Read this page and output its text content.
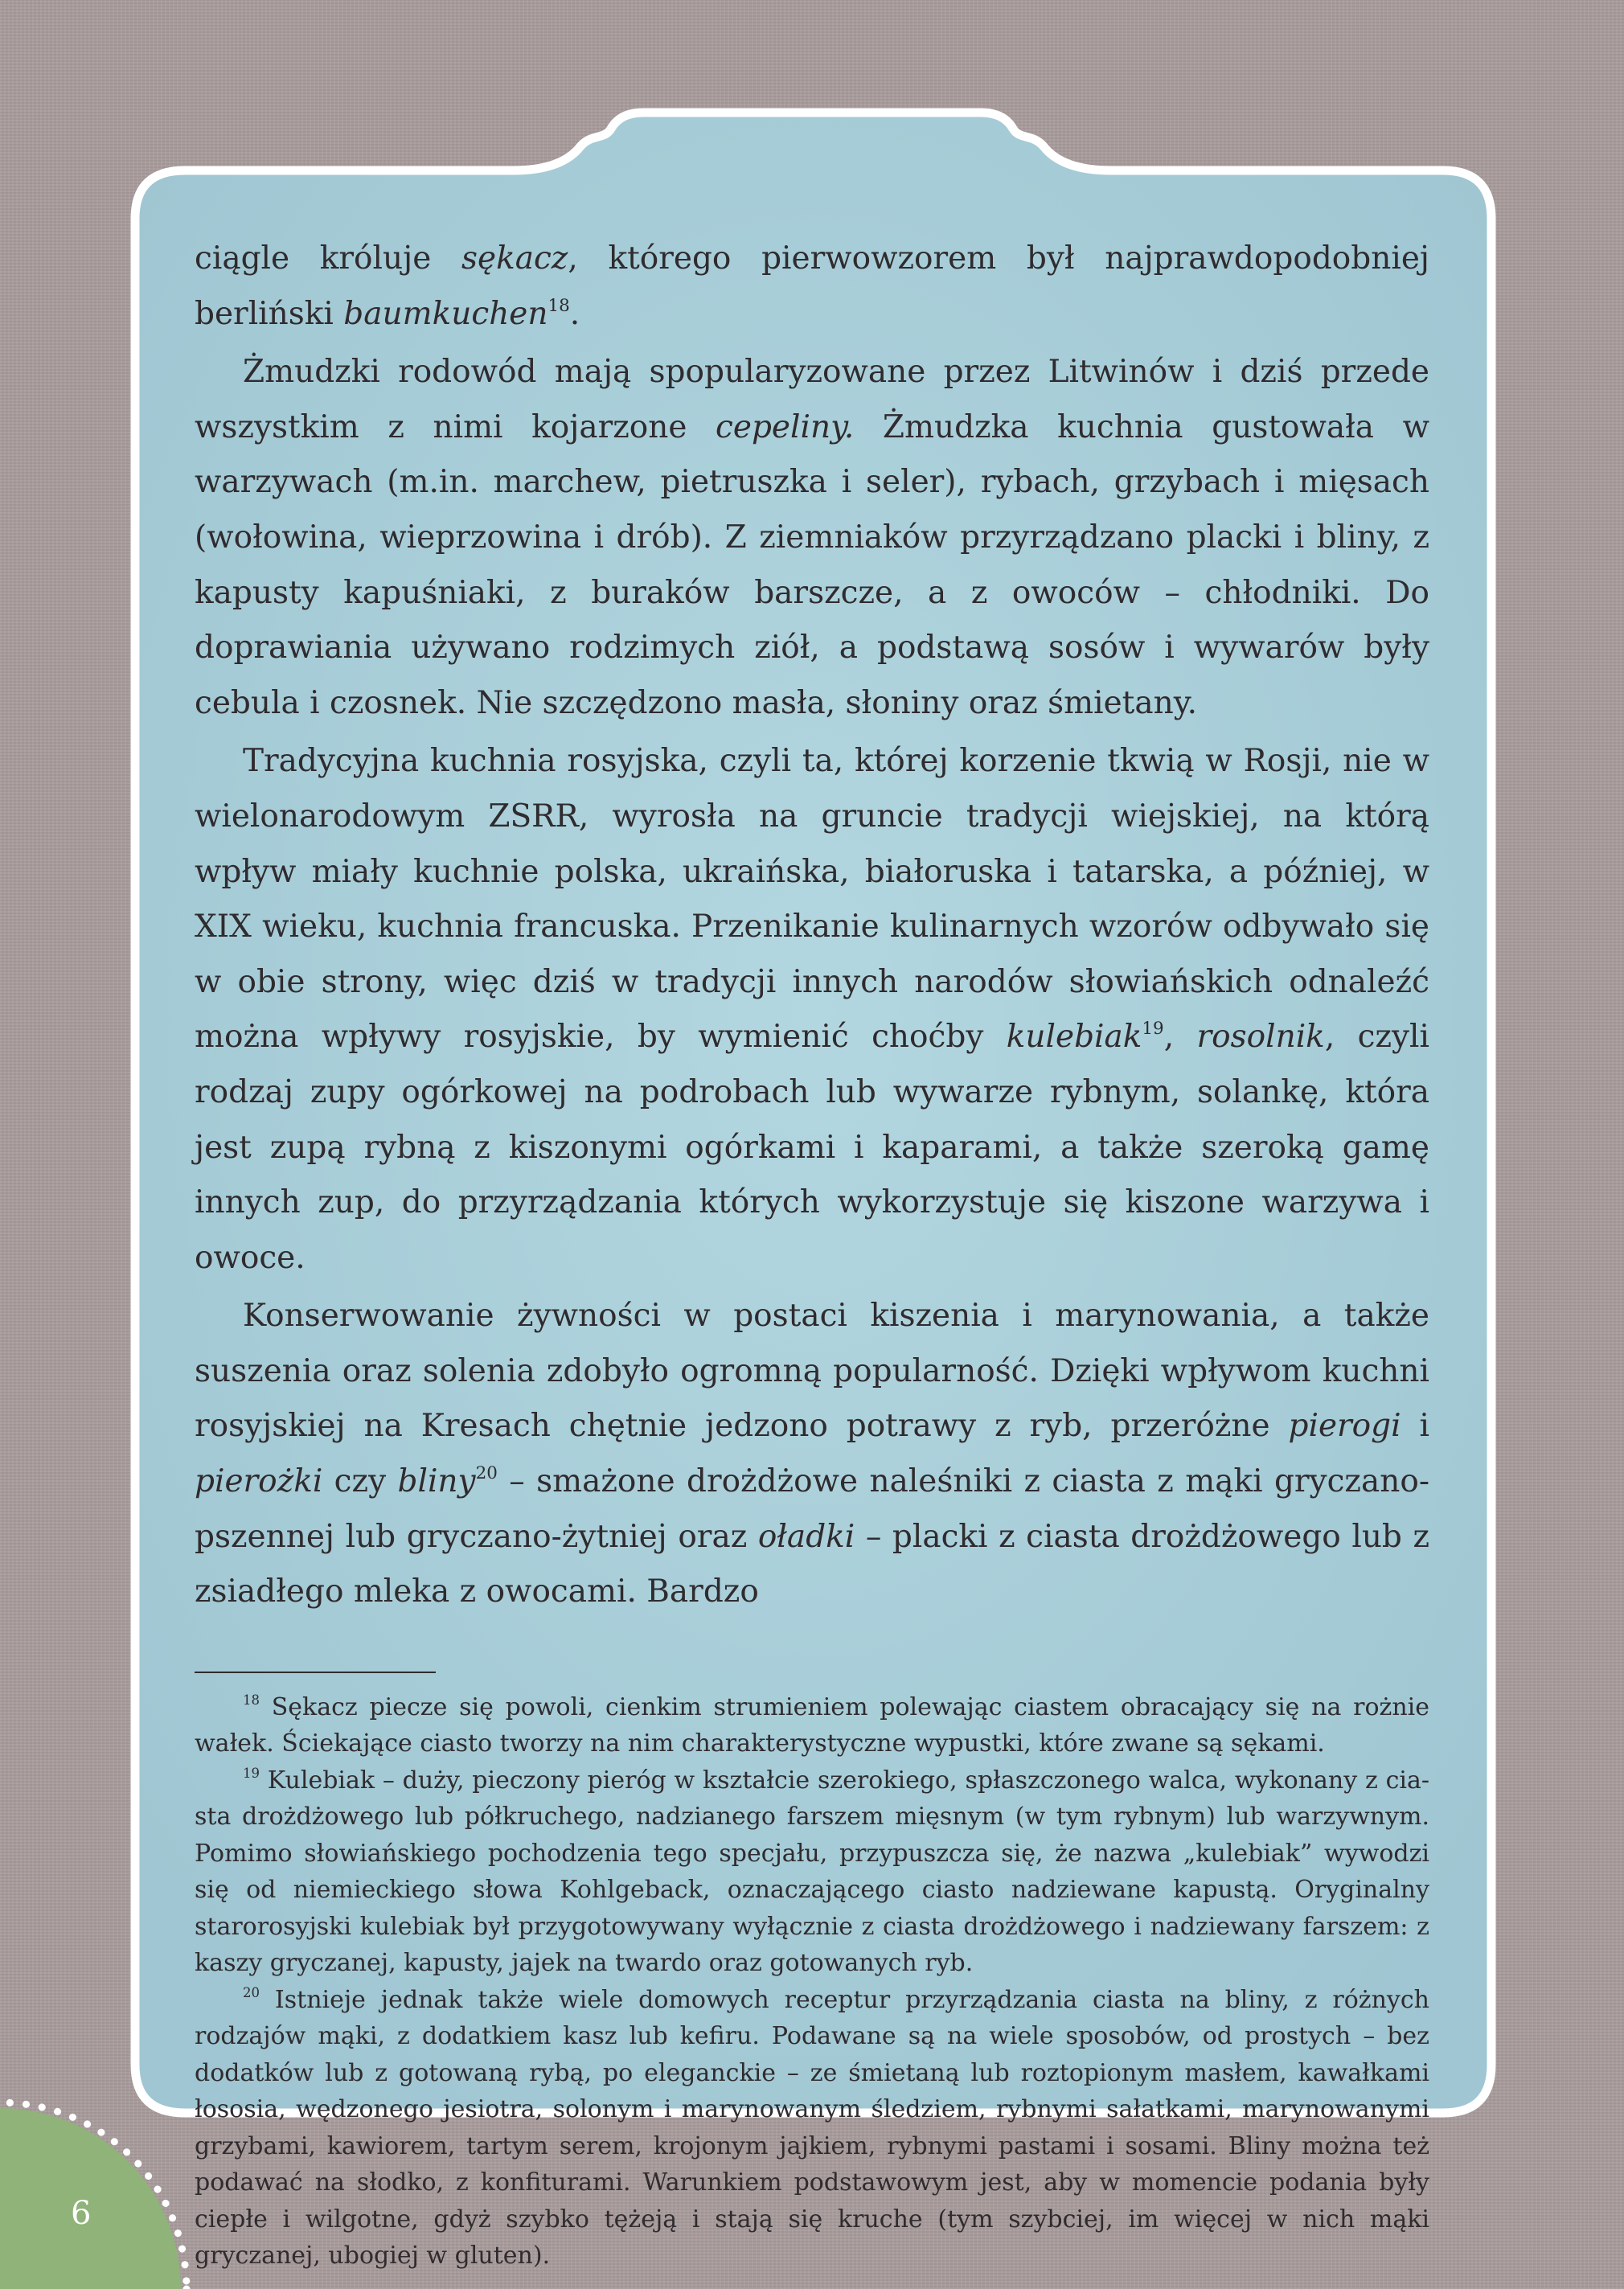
ciągle króluje sękacz, którego pierwowzorem był najprawdopodobniej berliński baumkuchen$^{18}$.

Żmudzki rodowód mają spopularyzowane przez Litwinów i dziś przede wszystkim z nimi kojarzone cepeliny. Żmudzka kuchnia gustowała w warzywach (m.in. marchew, pietruszka i seler), rybach, grzybach i mięsach (wołowina, wieprzowina i drób). Z ziemniaków przyrządzano placki i bliny, z kapusty kapuśniaki, z buraków barszcze, a z owoców – chłodniki. Do doprawiania używano rodzimych ziół, a podstawą sosów i wywarów były cebula i czosnek. Nie szczędzono masła, słoniny oraz śmietany.

Tradycyjna kuchnia rosyjska, czyli ta, której korzenie tkwią w Rosji, nie w wielonarodowym ZSRR, wyrosła na gruncie tradycji wiejskiej, na którą wpływ miały kuchnie polska, ukraińska, białoruska i tatarska, a później, w XIX wieku, kuchnia francuska. Przenikanie kulinarnych wzorów odbywało się w obie strony, więc dziś w tradycji innych narodów słowiańskich odnaleźć można wpływy rosyjskie, by wymienić choćby kulebiak$^{19}$, rosolnik, czyli rodzaj zupy ogórkowej na podrobach lub wywarze rybnym, solankę, która jest zupą rybną z kiszonymi ogórkami i kaparami, a także szeroką gamę innych zup, do przyrządzania których wykorzystuje się kiszone warzywa i owoce.

Konserwowanie żywności w postaci kiszenia i marynowania, a także suszenia oraz solenia zdobyło ogromną popularność. Dzięki wpływom kuchni rosyjskiej na Kresach chętnie jedzono potrawy z ryb, przeróżne pierogi i pierożki czy bliny$^{20}$ – smażone drożdżowe naleśniki z ciasta z mąki gryczano-pszennej lub gryczano-żytniej oraz oładki – placki z ciasta drożdżowego lub z zsiadłego mleka z owocami. Bardzo

$^{18}$ Sękacz piecze się powoli, cienkim strumieniem polewając ciastem obracający się na rożnie wałek. Ściekające ciasto tworzy na nim charakterystyczne wypustki, które zwane są sękami.

$^{19}$ Kulebiak – duży, pieczony pieróg w kształcie szerokiego, spłaszczonego walca, wykonany z ciasta drożdżowego lub półkruchego, nadzianego farszem mięsnym (w tym rybnym) lub warzywnym. Pomimo słowiańskiego pochodzenia tego specjału, przypuszcza się, że nazwa „kulebiak” wywodzi się od niemieckiego słowa Kohlgeback, oznaczającego ciasto nadziewane kapustą. Oryginalny starorosyjski kulebiak był przygotowywany wyłącznie z ciasta drożdżowego i nadziewany farszem: z kaszy gryczanej, kapusty, jajek na twardo oraz gotowanych ryb.

$^{20}$ Istnieje jednak także wiele domowych receptur przyrządzania ciasta na bliny, z różnych rodzajów mąki, z dodatkiem kasz lub kefiru. Podawane są na wiele sposobów, od prostych – bez dodatków lub z gotowaną rybą, po eleganckie – ze śmietaną lub roztopionym masłem, kawałkami łososia, wędzonego jesiotra, solonym i marynowanym śledziem, rybnymi sałatkami, marynowanymi grzybami, kawiorem, tartym serem, krojonym jajkiem, rybnymi pastami i sosami. Bliny można też podawać na słodko, z konfiturami. Warunkiem podstawowym jest, aby w momencie podania były ciepłe i wilgotne, gdyż szybko tężeją i stają się kruche (tym szybciej, im więcej w nich mąki gryczanej, ubogiej w gluten).

6
